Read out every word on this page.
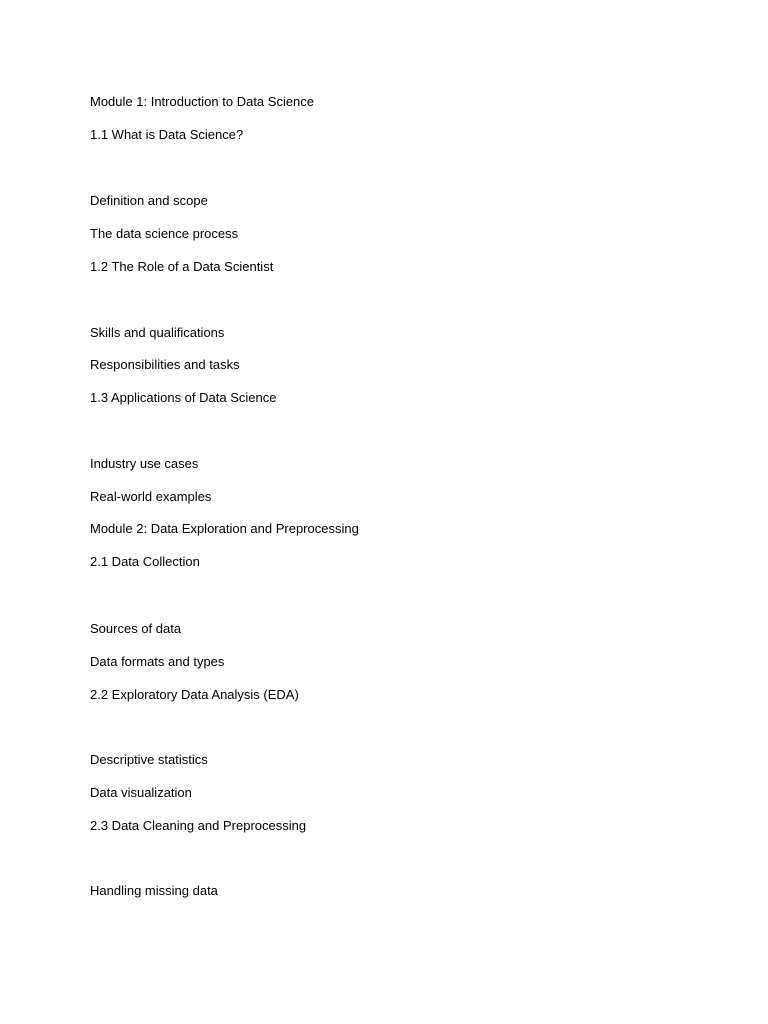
Module 1: Introduction to Data Science

1.1 What is Data Science?

Definition and scope

The data science process

1.2 The Role of a Data Scientist

Skills and qualifications

Responsibilities and tasks

1.3 Applications of Data Science

Industry use cases

Real-world examples

Module 2: Data Exploration and Preprocessing

2.1 Data Collection

Sources of data

Data formats and types

2.2 Exploratory Data Analysis (EDA)

Descriptive statistics

Data visualization

2.3 Data Cleaning and Preprocessing

Handling missing data
